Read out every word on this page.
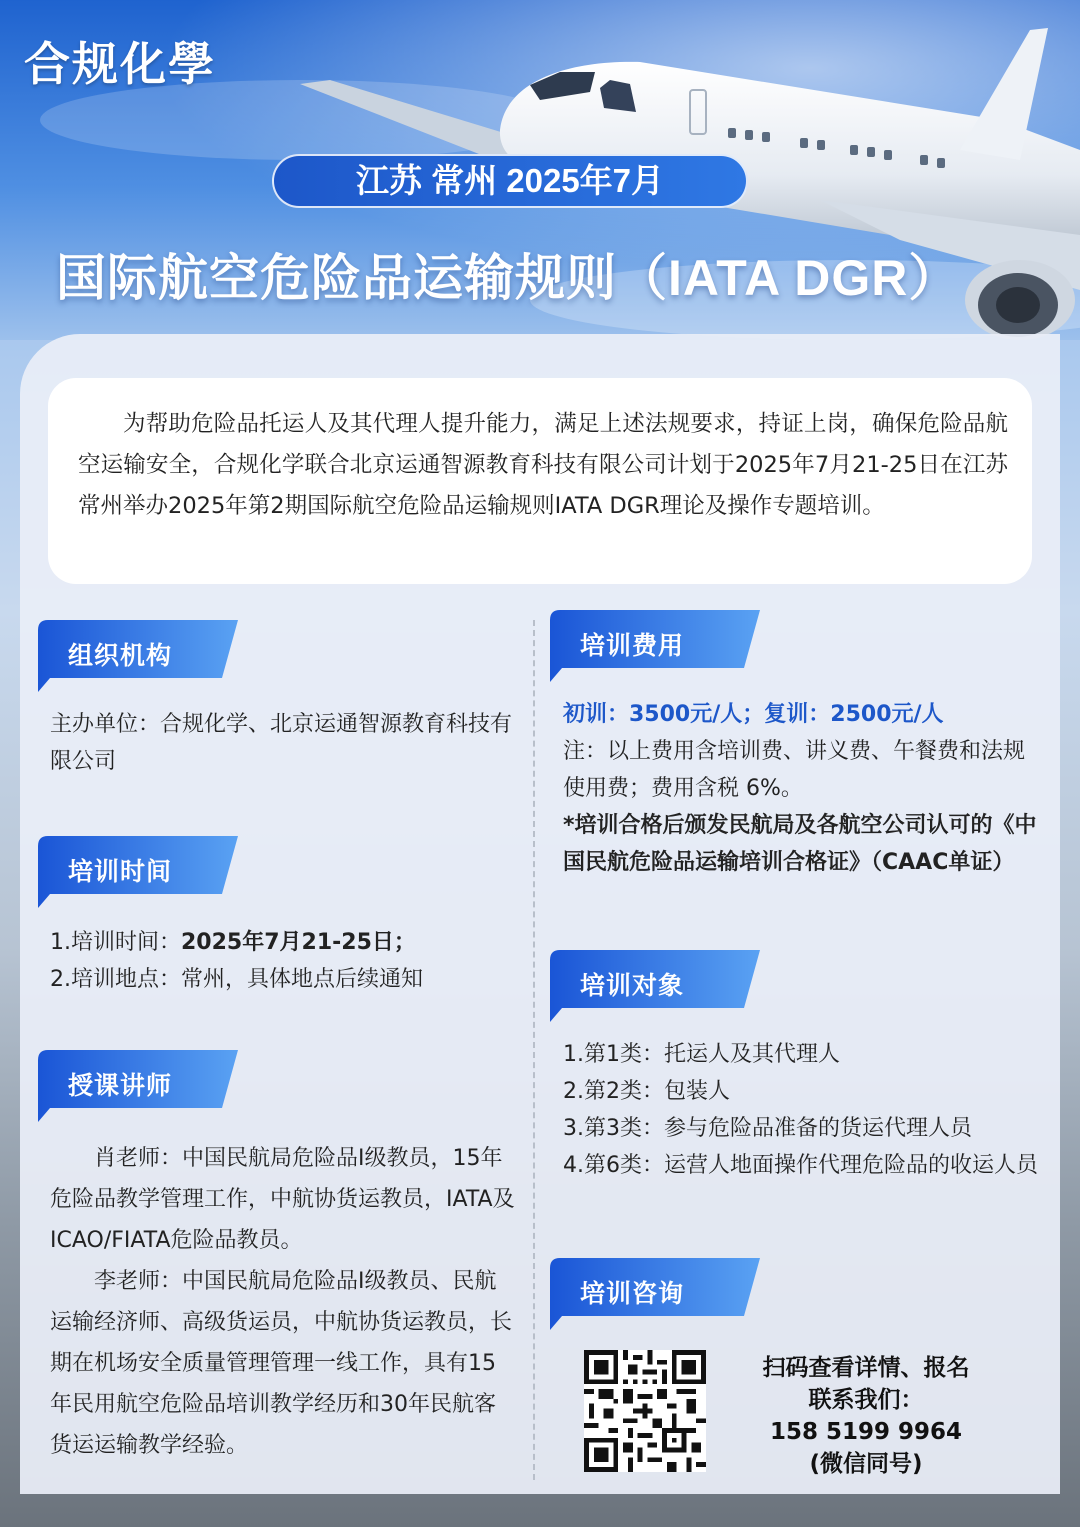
合规化學
江苏 常州 2025年7月
国际航空危险品运输规则（IATA DGR）
为帮助危险品托运人及其代理人提升能力，满足上述法规要求，持证上岗，确保危险品航空运输安全，合规化学联合北京运通智源教育科技有限公司计划于2025年7月21-25日在江苏常州举办2025年第2期国际航空危险品运输规则IATA DGR理论及操作专题培训。
组织机构

主办单位：合规化学、北京运通智源教育科技有限公司

培训时间

1.培训时间：2025年7月21-25日；

2.培训地点：常州，具体地点后续通知

授课讲师

肖老师：中国民航局危险品I级教员，15年危险品教学管理工作，中航协货运教员，IATA及ICAO/FIATA危险品教员。

李老师：中国民航局危险品I级教员、民航运输经济师、高级货运员，中航协货运教员，长期在机场安全质量管理管理一线工作，具有15年民用航空危险品培训教学经历和30年民航客货运运输教学经验。

培训费用

初训：3500元/人；复训：2500元/人

注：以上费用含培训费、讲义费、午餐费和法规使用费；费用含税 6%。

*培训合格后颁发民航局及各航空公司认可的《中国民航危险品运输培训合格证》（CAAC单证）

培训对象

1.第1类：托运人及其代理人

2.第2类：包装人

3.第3类：参与危险品准备的货运代理人员

4.第6类：运营人地面操作代理危险品的收运人员

培训咨询
扫码查看详情、报名
联系我们：
158 5199 9964
(微信同号)
